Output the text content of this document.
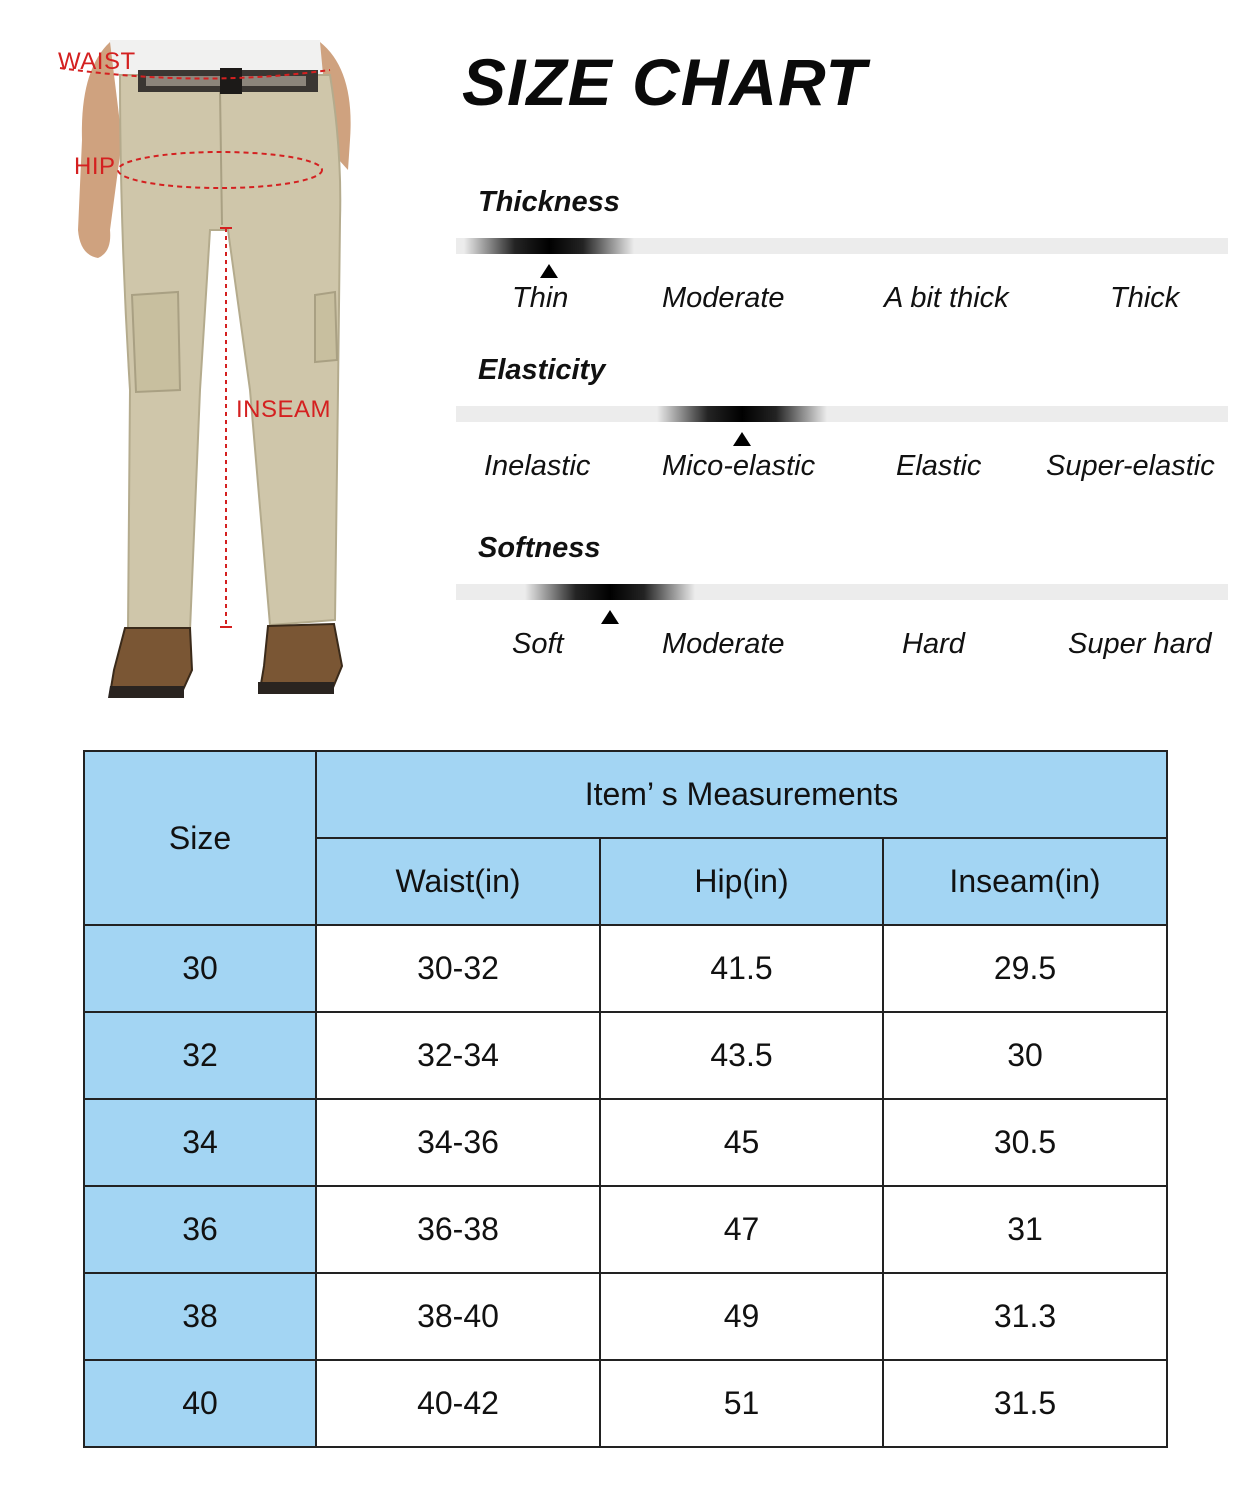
WAIST
HIP
INSEAM
SIZE CHART
Thickness
Thin	Moderate	A bit thick	Thick
Elasticity
Inelastic Mico-elastic	Elastic Super-elastic
Softness
Soft	Moderate	Hard	Super hard
Size	Item’ s Measurements		
	Waist(in)	Hip(in)	Inseam(in)
30	30-32	41.5	29.5
32	32-34	43.5	30
34	34-36	45	30.5
36	36-38	47	31
38	38-40	49	31.3
40	40-42	51	31.5
